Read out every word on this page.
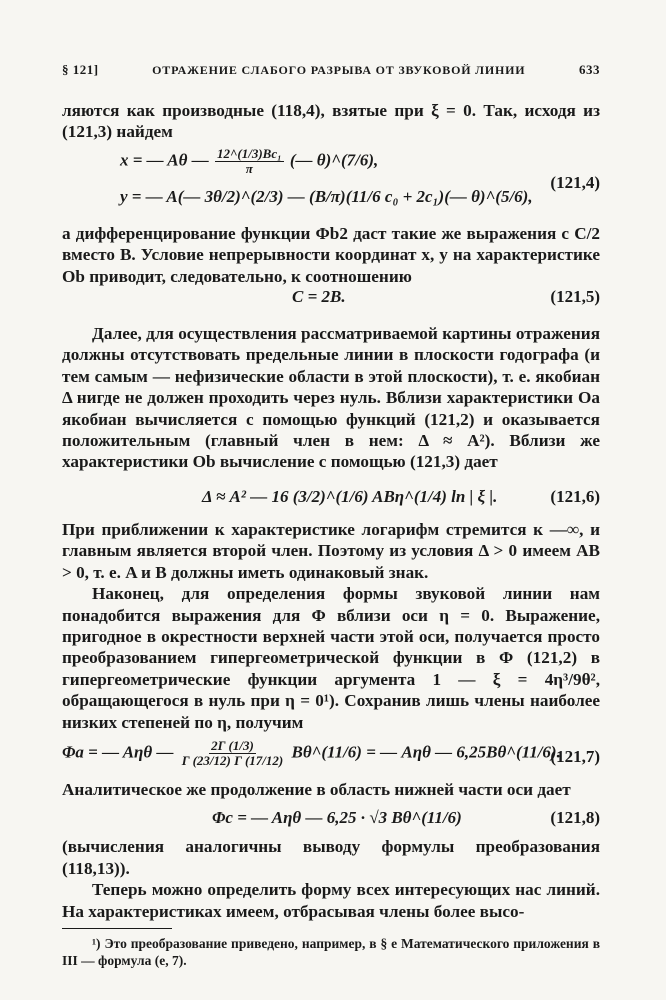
§ 121]	ОТРАЖЕНИЕ СЛАБОГО РАЗРЫВА ОТ ЗВУКОВОЙ ЛИНИИ	633

ляются как производные (118,4), взятые при ξ = 0. Так, исходя из (121,3) найдем

x = — Aθ — $\frac{\text{12\textasciicircum{}(1/3)Bc₁}}{\pi}$ (— θ)^(7/6),
y = — A(— 3θ/2)^(2/3) — (B/π)(11/6 c₀ + 2c₁)(— θ)^(5/6),
(121,4)

а дифференцирование функции Φb2 даст такие же выражения с C/2 вместо B. Условие непрерывности координат x, y на характеристике Ob приводит, следовательно, к соотношению

C = 2B.	(121,5)

Далее, для осуществления рассматриваемой картины отражения должны отсутствовать предельные линии в плоскости годографа (и тем самым — нефизические области в этой плоскости), т. е. якобиан Δ нигде не должен проходить через нуль. Вблизи характеристики Oa якобиан вычисляется с помощью функций (121,2) и оказывается положительным (главный член в нем: Δ ≈ A²). Вблизи же характеристики Ob вычисление с помощью (121,3) дает

Δ ≈ A² — 16 (3/2)^(1/6) ABη^(1/4) ln | ξ |.	(121,6)

При приближении к характеристике логарифм стремится к —∞, и главным является второй член. Поэтому из условия Δ > 0 имеем AB > 0, т. е. A и B должны иметь одинаковый знак.

Наконец, для определения формы звуковой линии нам понадобится выражения для Φ вблизи оси η = 0. Выражение, пригодное в окрестности верхней части этой оси, получается просто преобразованием гипергеометрической функции в Φ (121,2) в гипергеометрические функции аргумента 1 — ξ = 4η³/9θ², обращающегося в нуль при η = 0¹). Сохранив лишь члены наиболее низких степеней по η, получим

Φa = — Aηθ — $\frac{2\Gamma (1/3)}{\Gamma (23/12) \Gamma (17/12)}$ Bθ^(11/6) = — Aηθ — 6,25Bθ^(11/6).
(121,7)

Аналитическое же продолжение в область нижней части оси дает

Φc = — Aηθ — 6,25 · √3 Bθ^(11/6)	(121,8)

(вычисления аналогичны выводу формулы преобразования (118,13)).

Теперь можно определить форму всех интересующих нас линий. На характеристиках имеем, отбрасывая члены более высо-

¹) Это преобразование приведено, например, в § е Математического приложения в III — формула (е, 7).
